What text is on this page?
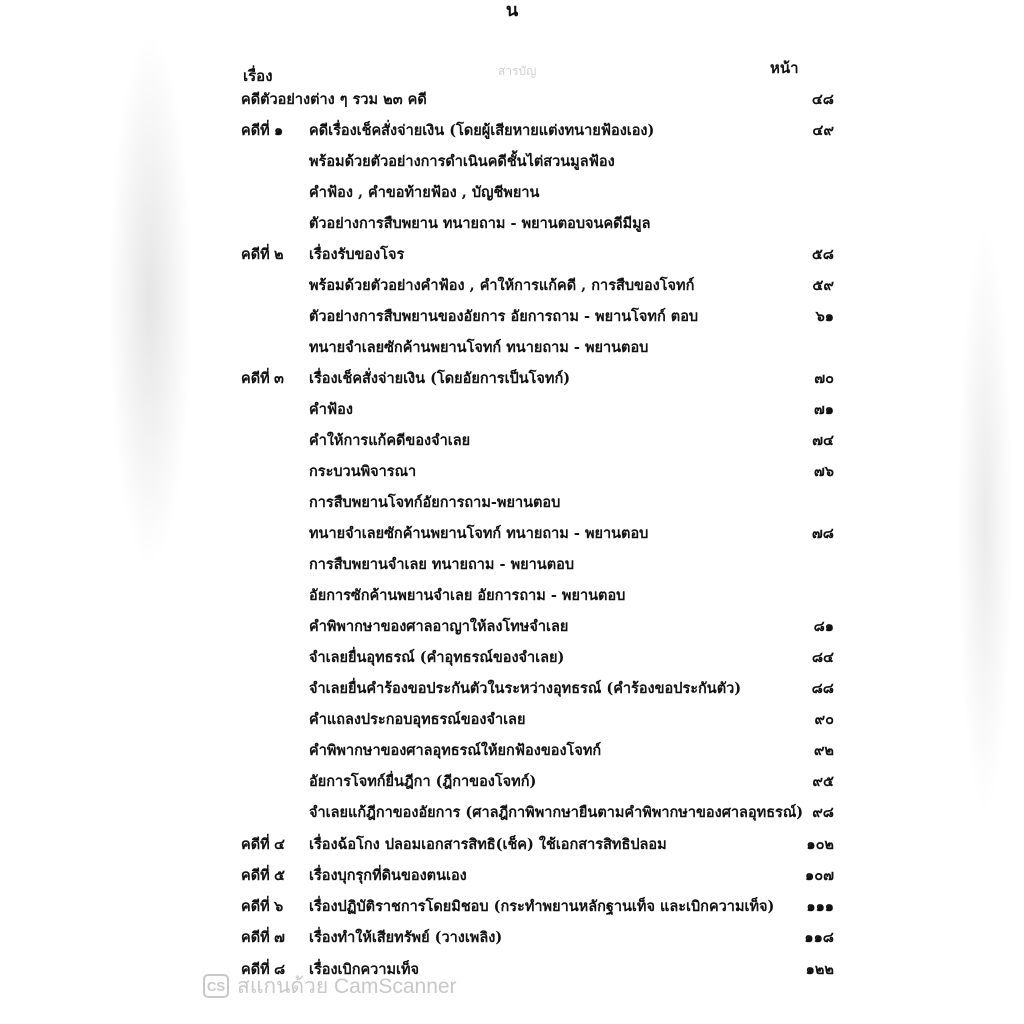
น
สารบัญ
เรื่อง	หน้า
คดีตัวอย่างต่าง ๆ รวม ๒๓ คดี	๔๘
คดีที่ ๑ คดีเรื่องเช็คสั่งจ่ายเงิน (โดยผู้เสียหายแต่งทนายฟ้องเอง)	๔๙
พร้อมด้วยตัวอย่างการดำเนินคดีชั้นไต่สวนมูลฟ้อง
คำฟ้อง , คำขอท้ายฟ้อง , บัญชีพยาน
ตัวอย่างการสืบพยาน ทนายถาม - พยานตอบจนคดีมีมูล
คดีที่ ๒ เรื่องรับของโจร	๕๘
พร้อมด้วยตัวอย่างคำฟ้อง , คำให้การแก้คดี , การสืบของโจทก์	๕๙
ตัวอย่างการสืบพยานของอัยการ อัยการถาม - พยานโจทก์ ตอบ	๖๑
ทนายจำเลยซักค้านพยานโจทก์ ทนายถาม - พยานตอบ
คดีที่ ๓ เรื่องเช็คสั่งจ่ายเงิน (โดยอัยการเป็นโจทก์)	๗๐
คำฟ้อง	๗๑
คำให้การแก้คดีของจำเลย	๗๔
กระบวนพิจารณา	๗๖
การสืบพยานโจทก์อัยการถาม-พยานตอบ
ทนายจำเลยซักค้านพยานโจทก์ ทนายถาม - พยานตอบ	๗๘
การสืบพยานจำเลย ทนายถาม - พยานตอบ
อัยการซักค้านพยานจำเลย อัยการถาม - พยานตอบ
คำพิพากษาของศาลอาญาให้ลงโทษจำเลย	๘๑
จำเลยยื่นอุทธรณ์ (คำอุทธรณ์ของจำเลย)	๘๔
จำเลยยื่นคำร้องขอประกันตัวในระหว่างอุทธรณ์ (คำร้องขอประกันตัว)	๘๘
คำแถลงประกอบอุทธรณ์ของจำเลย	๙๐
คำพิพากษาของศาลอุทธรณ์ให้ยกฟ้องของโจทก์	๙๒
อัยการโจทก์ยื่นฎีกา (ฎีกาของโจทก์)	๙๕
จำเลยแก้ฎีกาของอัยการ (ศาลฎีกาพิพากษายืนตามคำพิพากษาของศาลอุทธรณ์) ๙๘
คดีที่ ๔ เรื่องฉ้อโกง ปลอมเอกสารสิทธิ(เช็ค) ใช้เอกสารสิทธิปลอม	๑๐๒
คดีที่ ๕ เรื่องบุกรุกที่ดินของตนเอง	๑๐๗
คดีที่ ๖ เรื่องปฏิบัติราชการโดยมิชอบ (กระทำพยานหลักฐานเท็จ และเบิกความเท็จ) ๑๑๑
คดีที่ ๗ เรื่องทำให้เสียทรัพย์ (วางเพลิง)	๑๑๘
คดีที่ ๘ เรื่องเบิกความเท็จ	๑๒๒
CS สแกนด้วย CamScanner
